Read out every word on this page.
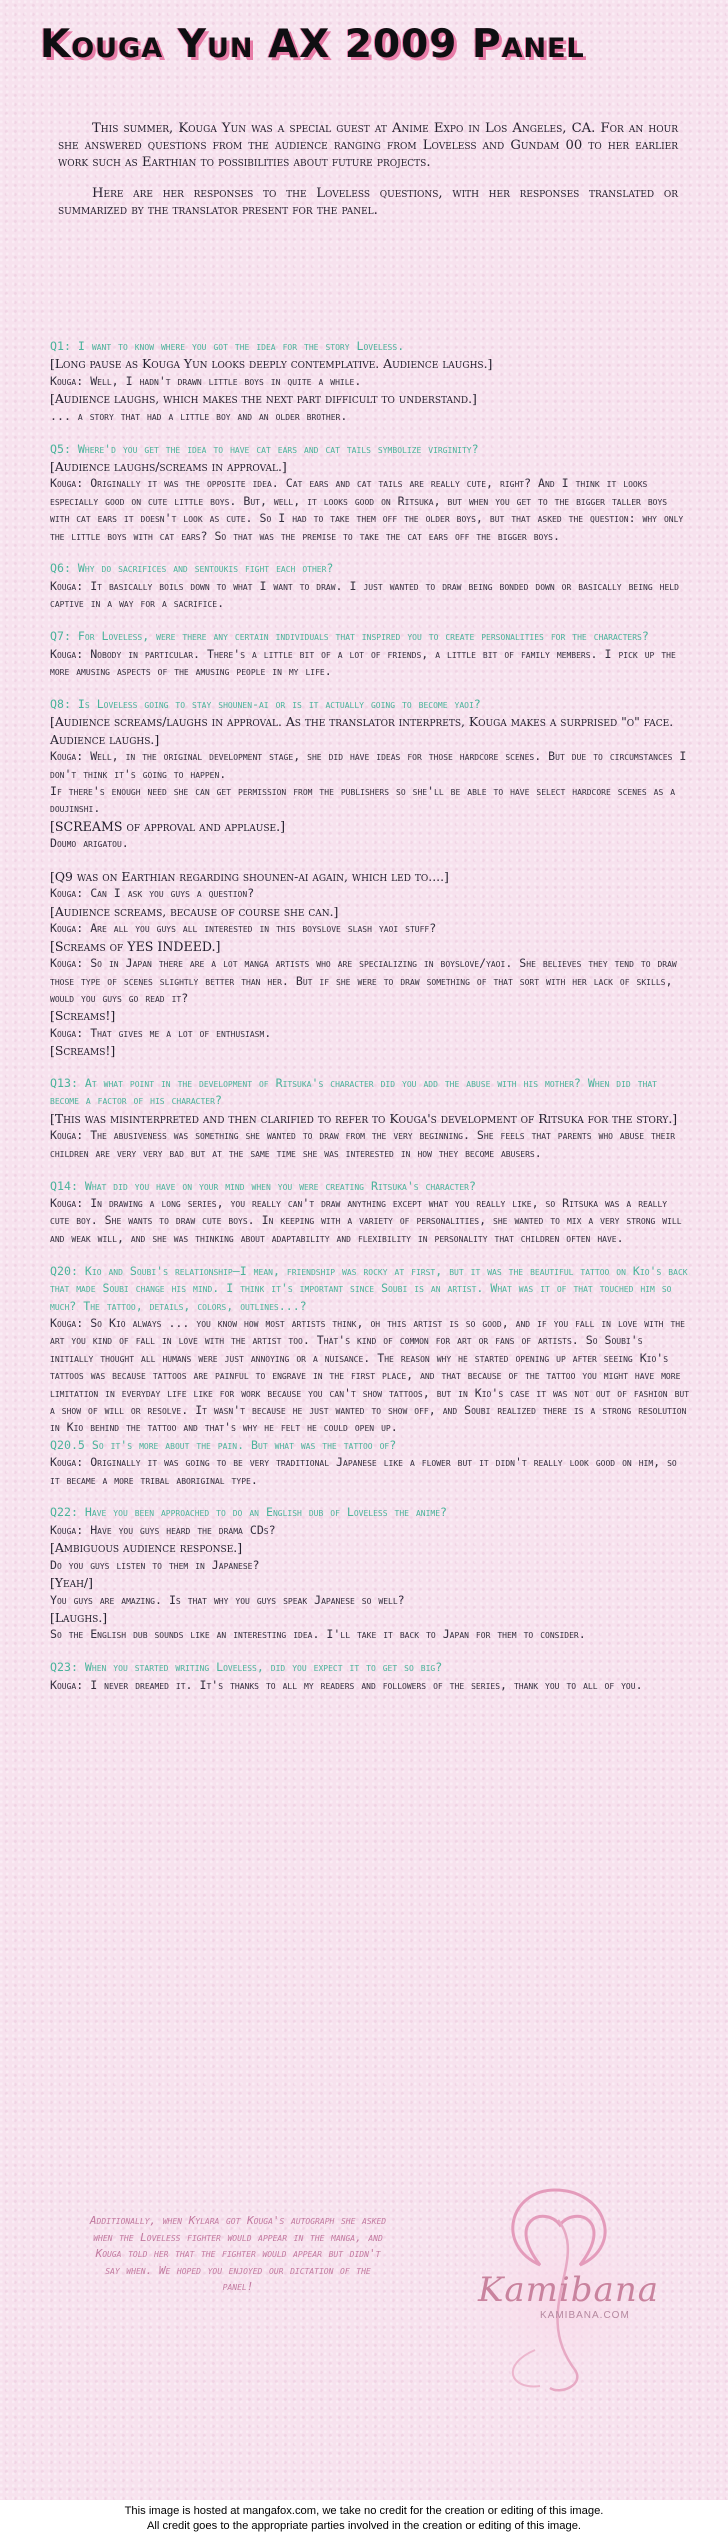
Kouga Yun AX 2009 Panel

This summer, Kouga Yun was a special guest at Anime Expo in Los Angeles, CA. For an hour she answered questions from the audience ranging from Loveless and Gundam 00 to her earlier work such as Earthian to possibilities about future projects.

Here are her responses to the Loveless questions, with her responses translated or summarized by the translator present for the panel.

Q1: I want to know where you got the idea for the story Loveless.
[Long pause as Kouga Yun looks deeply contemplative. Audience laughs.]
Kouga: Well, I hadn't drawn little boys in quite a while.
[Audience laughs, which makes the next part difficult to understand.]
... a story that had a little boy and an older brother.
Q5: Where'd you get the idea to have cat ears and cat tails symbolize virginity?
[Audience laughs/screams in approval.]
Kouga: Originally it was the opposite idea. Cat ears and cat tails are really cute, right? And I think it looks especially good on cute little boys. But, well, it looks good on Ritsuka, but when you get to the bigger taller boys with cat ears it doesn't look as cute. So I had to take them off the older boys, but that asked the question: why only the little boys with cat ears? So that was the premise to take the cat ears off the bigger boys.
Q6: Why do sacrifices and sentoukis fight each other?
Kouga: It basically boils down to what I want to draw. I just wanted to draw being bonded down or basically being held captive in a way for a sacrifice.
Q7: For Loveless, were there any certain individuals that inspired you to create personalities for the characters?
Kouga: Nobody in particular. There's a little bit of a lot of friends, a little bit of family members. I pick up the more amusing aspects of the amusing people in my life.
Q8: Is Loveless going to stay shounen-ai or is it actually going to become yaoi?
[Audience screams/laughs in approval. As the translator interprets, Kouga makes a surprised "o" face. Audience laughs.]
Kouga: Well, in the original development stage, she did have ideas for those hardcore scenes. But due to circumstances I don't think it's going to happen.
If there's enough need she can get permission from the publishers so she'll be able to have select hardcore scenes as a doujinshi.
[SCREAMS of approval and applause.]
Doumo arigatou.
[Q9 was on Earthian regarding shounen-ai again, which led to....]
Kouga: Can I ask you guys a question?
[Audience screams, because of course she can.]
Kouga: Are all you guys all interested in this boyslove slash yaoi stuff?
[Screams of YES INDEED.]
Kouga: So in Japan there are a lot manga artists who are specializing in boyslove/yaoi. She believes they tend to draw those type of scenes slightly better than her. But if she were to draw something of that sort with her lack of skills, would you guys go read it?
[Screams!]
Kouga: That gives me a lot of enthusiasm.
[Screams!]
Q13: At what point in the development of Ritsuka's character did you add the abuse with his mother? When did that become a factor of his character?
[This was misinterpreted and then clarified to refer to Kouga's development of Ritsuka for the story.]
Kouga: The abusiveness was something she wanted to draw from the very beginning. She feels that parents who abuse their children are very very bad but at the same time she was interested in how they become abusers.
Q14: What did you have on your mind when you were creating Ritsuka's character?
Kouga: In drawing a long series, you really can't draw anything except what you really like, so Ritsuka was a really cute boy. She wants to draw cute boys. In keeping with a variety of personalities, she wanted to mix a very strong will and weak will, and she was thinking about adaptability and flexibility in personality that children often have.
Q20: Kio and Soubi's relationship—I mean, friendship was rocky at first, but it was the beautiful tattoo on Kio's back that made Soubi change his mind. I think it's important since Soubi is an artist. What was it of that touched him so much? The tattoo, details, colors, outlines...?
Kouga: So Kio always ... you know how most artists think, oh this artist is so good, and if you fall in love with the art you kind of fall in love with the artist too. That's kind of common for art or fans of artists. So Soubi's initially thought all humans were just annoying or a nuisance. The reason why he started opening up after seeing Kio's tattoos was because tattoos are painful to engrave in the first place, and that because of the tattoo you might have more limitation in everyday life like for work because you can't show tattoos, but in Kio's case it was not out of fashion but a show of will or resolve. It wasn't because he just wanted to show off, and Soubi realized there is a strong resolution in Kio behind the tattoo and that's why he felt he could open up.
Q20.5 So it's more about the pain. But what was the tattoo of?
Kouga: Originally it was going to be very traditional Japanese like a flower but it didn't really look good on him, so it became a more tribal aboriginal type.
Q22: Have you been approached to do an English dub of Loveless the anime?
Kouga: Have you guys heard the drama CDs?
[Ambiguous audience response.]
Do you guys listen to them in Japanese?
[Yeah/]
You guys are amazing. Is that why you guys speak Japanese so well?
[Laughs.]
So the English dub sounds like an interesting idea. I'll take it back to Japan for them to consider.
Q23: When you started writing Loveless, did you expect it to get so big?
Kouga: I never dreamed it. It's thanks to all my readers and followers of the series, thank you to all of you.
Additionally, when Kylara got Kouga's autograph she asked when the Loveless fighter would appear in the manga, and Kouga told her that the fighter would appear but didn't say when. We hoped you enjoyed our dictation of the panel!	Kamibana
KAMIBANA.COM
This image is hosted at mangafox.com, we take no credit for the creation or editing of this image.
All credit goes to the appropriate parties involved in the creation or editing of this image.
